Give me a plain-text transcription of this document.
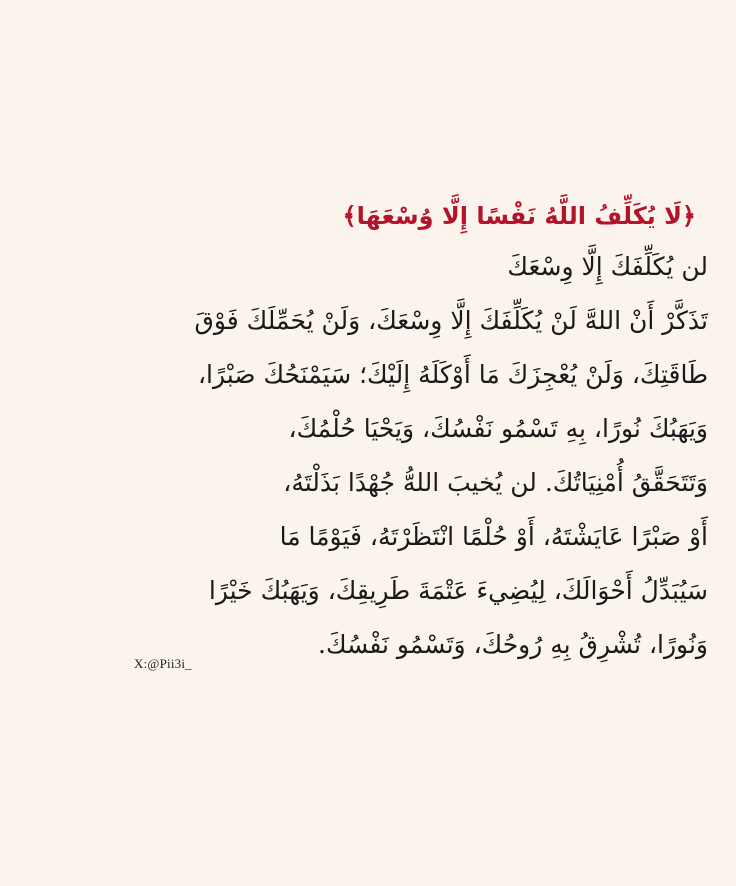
﴿لَا يُكَلِّفُ اللَّهُ نَفْسًا إِلَّا وُسْعَهَا﴾
لن يُكَلِّفَكَ إِلَّا وِسْعَكَ
تَذَكَّرْ أَنْ اللهَّ لَنْ يُكَلِّفَكَ إِلَّا وِسْعَكَ، وَلَنْ يُحَمِّلَكَ فَوْقَ
طَاقَتِكَ، وَلَنْ يُعْجِزَكَ مَا أَوْكَلَهُ إِلَيْكَ؛ سَيَمْنَحُكَ صَبْرًا،
وَيَهَبُكَ نُورًا، بِهِ تَسْمُو نَفْسُكَ، وَيَحْيَا حُلْمُكَ،
وَتَتَحَقَّقُ أُمْنِيَاتُكَ. لن يُخيبَ اللهُّ جُهْدًا بَذَلْتَهُ،
أَوْ صَبْرًا عَايَشْتَهُ، أَوْ حُلْمًا انْتَظَرْتَهُ، فَيَوْمًا مَا
سَيُبَدِّلُ أَحْوَالَكَ، لِيُضِيءَ عَتْمَةَ طَرِيقِكَ، وَيَهَبُكَ خَيْرًا
وَنُورًا، تُشْرِقُ بِهِ رُوحُكَ، وَتَسْمُو نَفْسُكَ.
X:@Pii3i_
